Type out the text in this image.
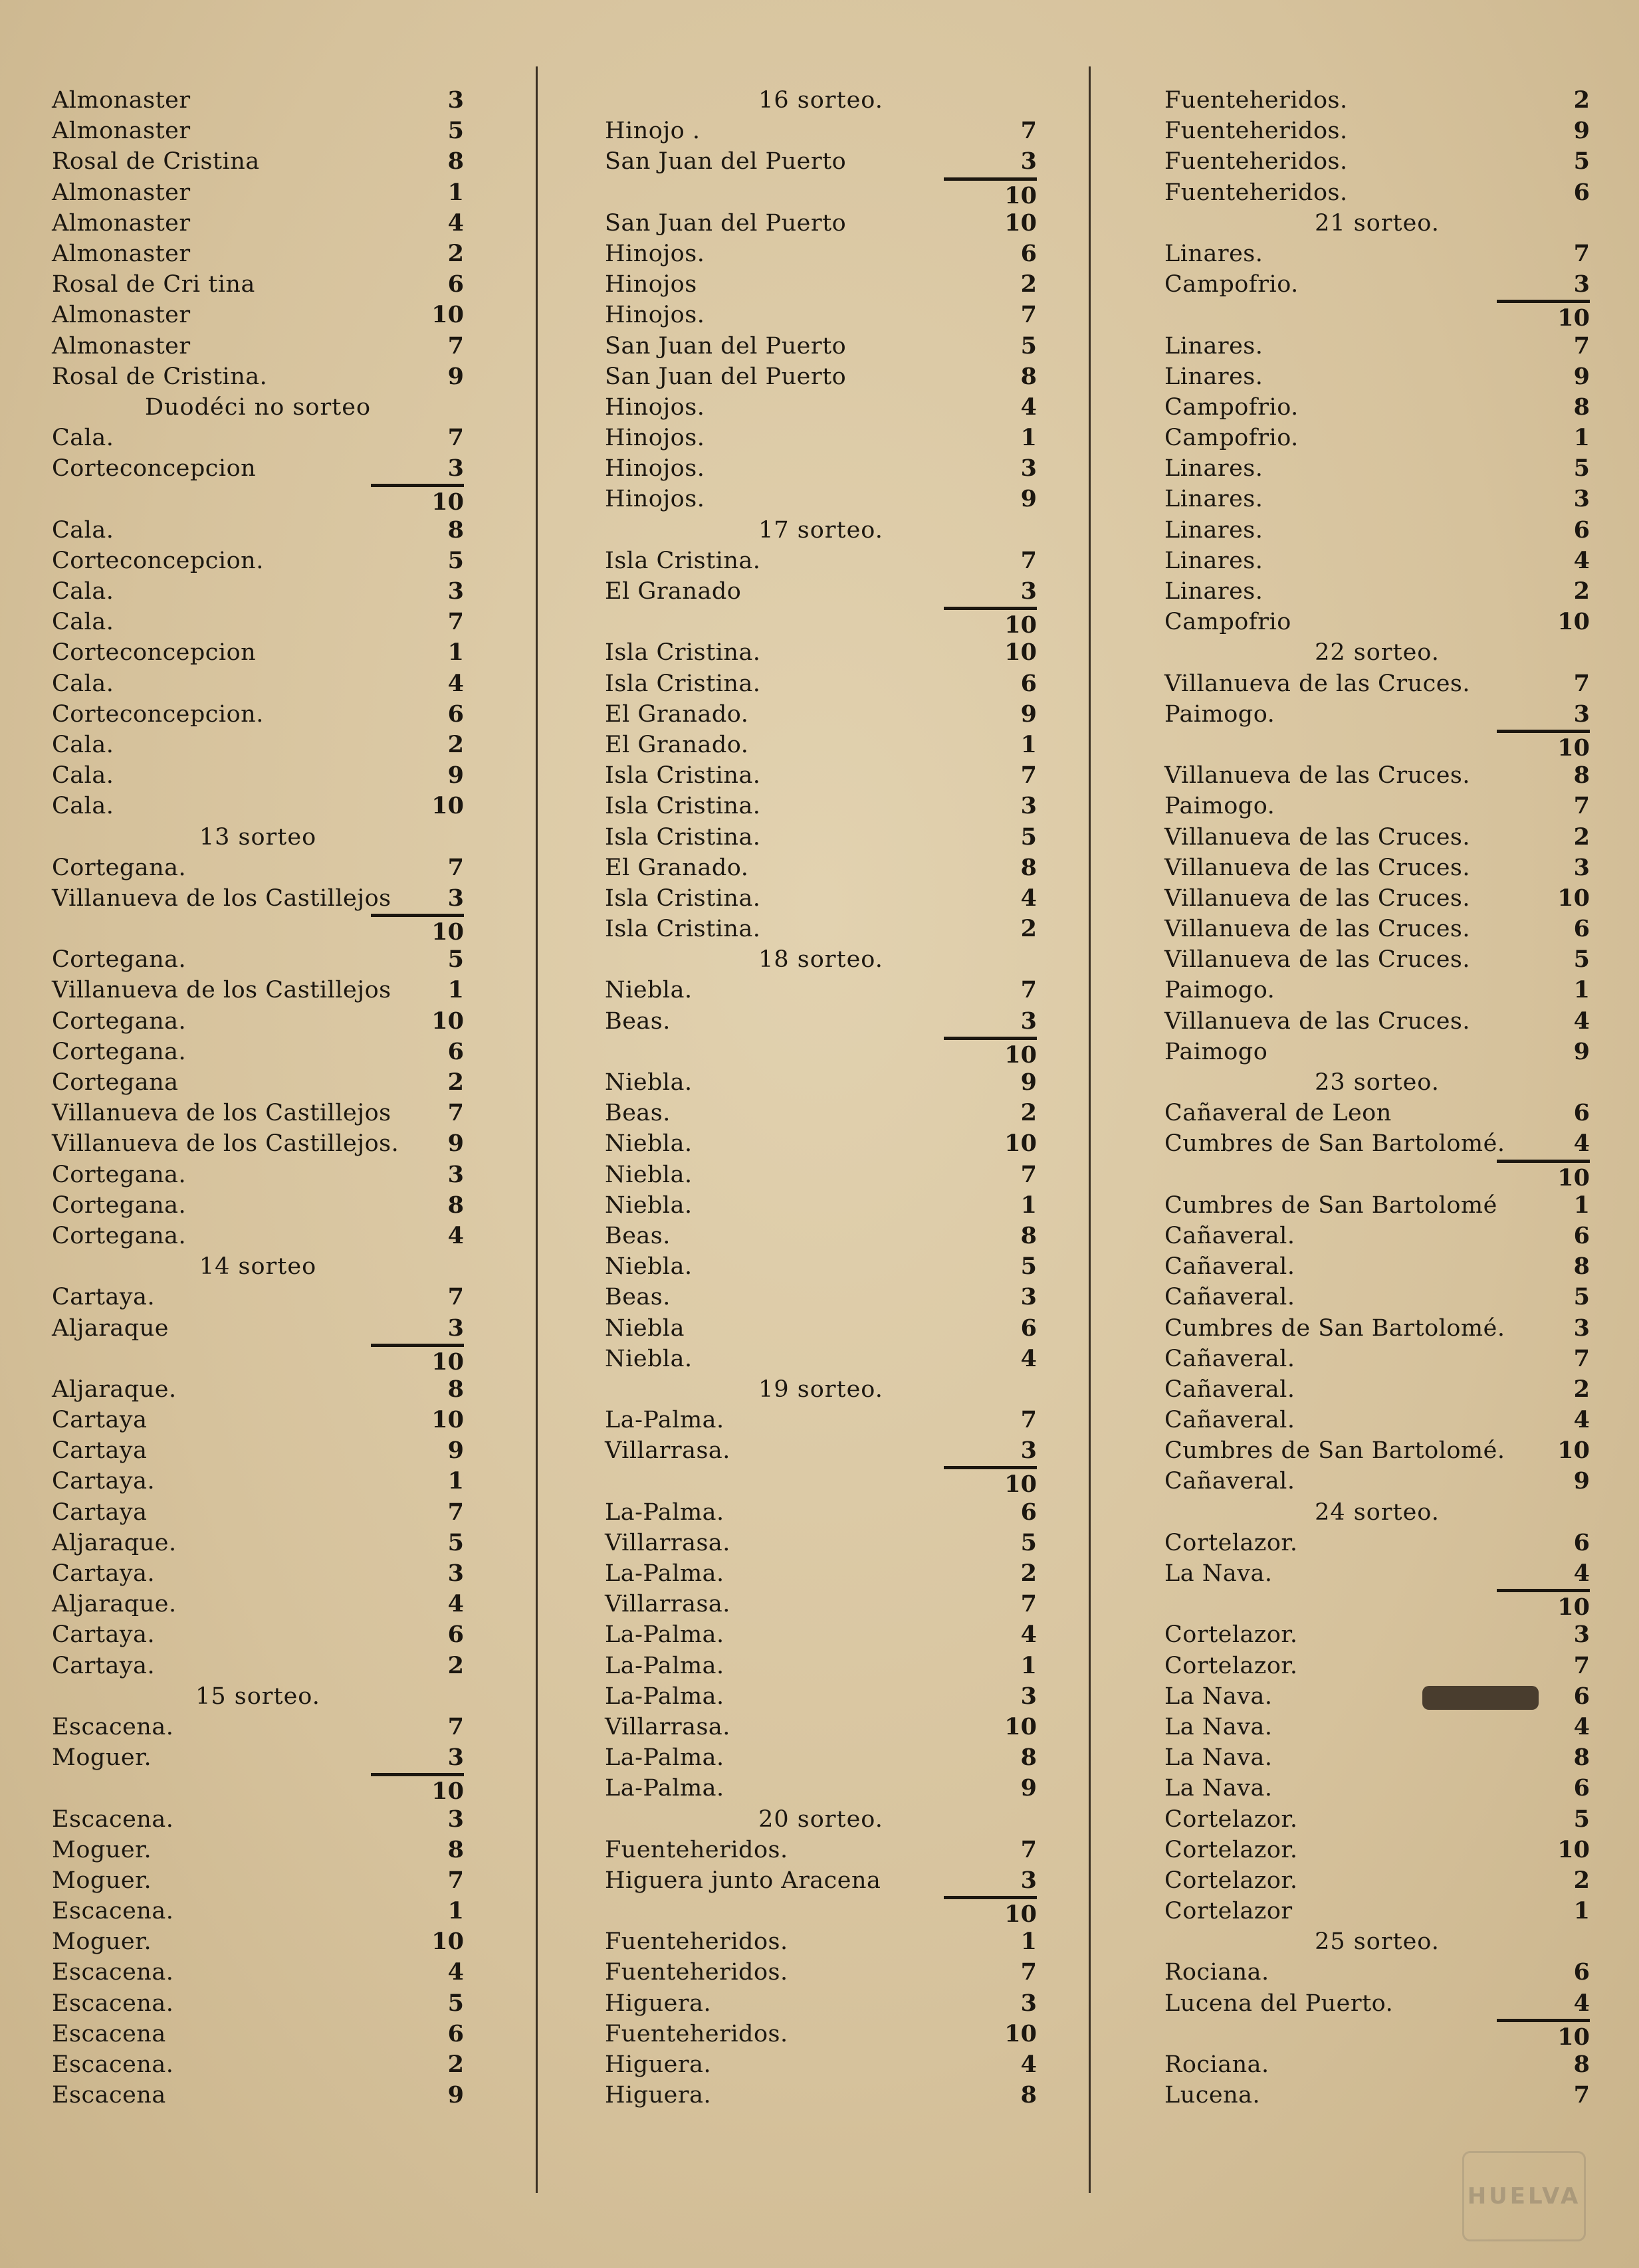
Almonaster	3
Almonaster	5
Rosal de Cristina	8
Almonaster	1
Almonaster	4
Almonaster	2
Rosal de Cri tina	6
Almonaster	10
Almonaster	7
Rosal de Cristina.	9
Duodéci no sorteo
Cala.	7
Corteconcepcion	3
10
Cala.	8
Corteconcepcion.	5
Cala.	3
Cala.	7
Corteconcepcion	1
Cala.	4
Corteconcepcion.	6
Cala.	2
Cala.	9
Cala.	10
13 sorteo
Cortegana.	7
Villanueva de los Castillejos	3
10
Cortegana.	5
Villanueva de los Castillejos	1
Cortegana.	10
Cortegana.	6
Cortegana	2
Villanueva de los Castillejos	7
Villanueva de los Castillejos.	9
Cortegana.	3
Cortegana.	8
Cortegana.	4
14 sorteo
Cartaya.	7
Aljaraque	3
10
Aljaraque.	8
Cartaya	10
Cartaya	9
Cartaya.	1
Cartaya	7
Aljaraque.	5
Cartaya.	3
Aljaraque.	4
Cartaya.	6
Cartaya.	2
15 sorteo.
Escacena.	7
Moguer.	3
10
Escacena.	3
Moguer.	8
Moguer.	7
Escacena.	1
Moguer.	10
Escacena.	4
Escacena.	5
Escacena	6
Escacena.	2
Escacena	9
16 sorteo.
Hinojo .	7
San Juan del Puerto	3
10
San Juan del Puerto	10
Hinojos.	6
Hinojos	2
Hinojos.	7
San Juan del Puerto	5
San Juan del Puerto	8
Hinojos.	4
Hinojos.	1
Hinojos.	3
Hinojos.	9
17 sorteo.
Isla Cristina.	7
El Granado	3
10
Isla Cristina.	10
Isla Cristina.	6
El Granado.	9
El Granado.	1
Isla Cristina.	7
Isla Cristina.	3
Isla Cristina.	5
El Granado.	8
Isla Cristina.	4
Isla Cristina.	2
18 sorteo.
Niebla.	7
Beas.	3
10
Niebla.	9
Beas.	2
Niebla.	10
Niebla.	7
Niebla.	1
Beas.	8
Niebla.	5
Beas.	3
Niebla	6
Niebla.	4
19 sorteo.
La-Palma.	7
Villarrasa.	3
10
La-Palma.	6
Villarrasa.	5
La-Palma.	2
Villarrasa.	7
La-Palma.	4
La-Palma.	1
La-Palma.	3
Villarrasa.	10
La-Palma.	8
La-Palma.	9
20 sorteo.
Fuenteheridos.	7
Higuera junto Aracena	3
10
Fuenteheridos.	1
Fuenteheridos.	7
Higuera.	3
Fuenteheridos.	10
Higuera.	4
Higuera.	8
Fuenteheridos.	2
Fuenteheridos.	9
Fuenteheridos.	5
Fuenteheridos.	6
21 sorteo.
Linares.	7
Campofrio.	3
10
Linares.	7
Linares.	9
Campofrio.	8
Campofrio.	1
Linares.	5
Linares.	3
Linares.	6
Linares.	4
Linares.	2
Campofrio	10
22 sorteo.
Villanueva de las Cruces.	7
Paimogo.	3
10
Villanueva de las Cruces.	8
Paimogo.	7
Villanueva de las Cruces.	2
Villanueva de las Cruces.	3
Villanueva de las Cruces.	10
Villanueva de las Cruces.	6
Villanueva de las Cruces.	5
Paimogo.	1
Villanueva de las Cruces.	4
Paimogo	9
23 sorteo.
Cañaveral de Leon	6
Cumbres de San Bartolomé.	4
10
Cumbres de San Bartolomé	1
Cañaveral.	6
Cañaveral.	8
Cañaveral.	5
Cumbres de San Bartolomé.	3
Cañaveral.	7
Cañaveral.	2
Cañaveral.	4
Cumbres de San Bartolomé.	10
Cañaveral.	9
24 sorteo.
Cortelazor.	6
La Nava.	4
10
Cortelazor.	3
Cortelazor.	7
La Nava.	6
La Nava.	4
La Nava.	8
La Nava.	6
Cortelazor.	5
Cortelazor.	10
Cortelazor.	2
Cortelazor	1
25 sorteo.
Rociana.	6
Lucena del Puerto.	4
10
Rociana.	8
Lucena.	7
HUELVA
